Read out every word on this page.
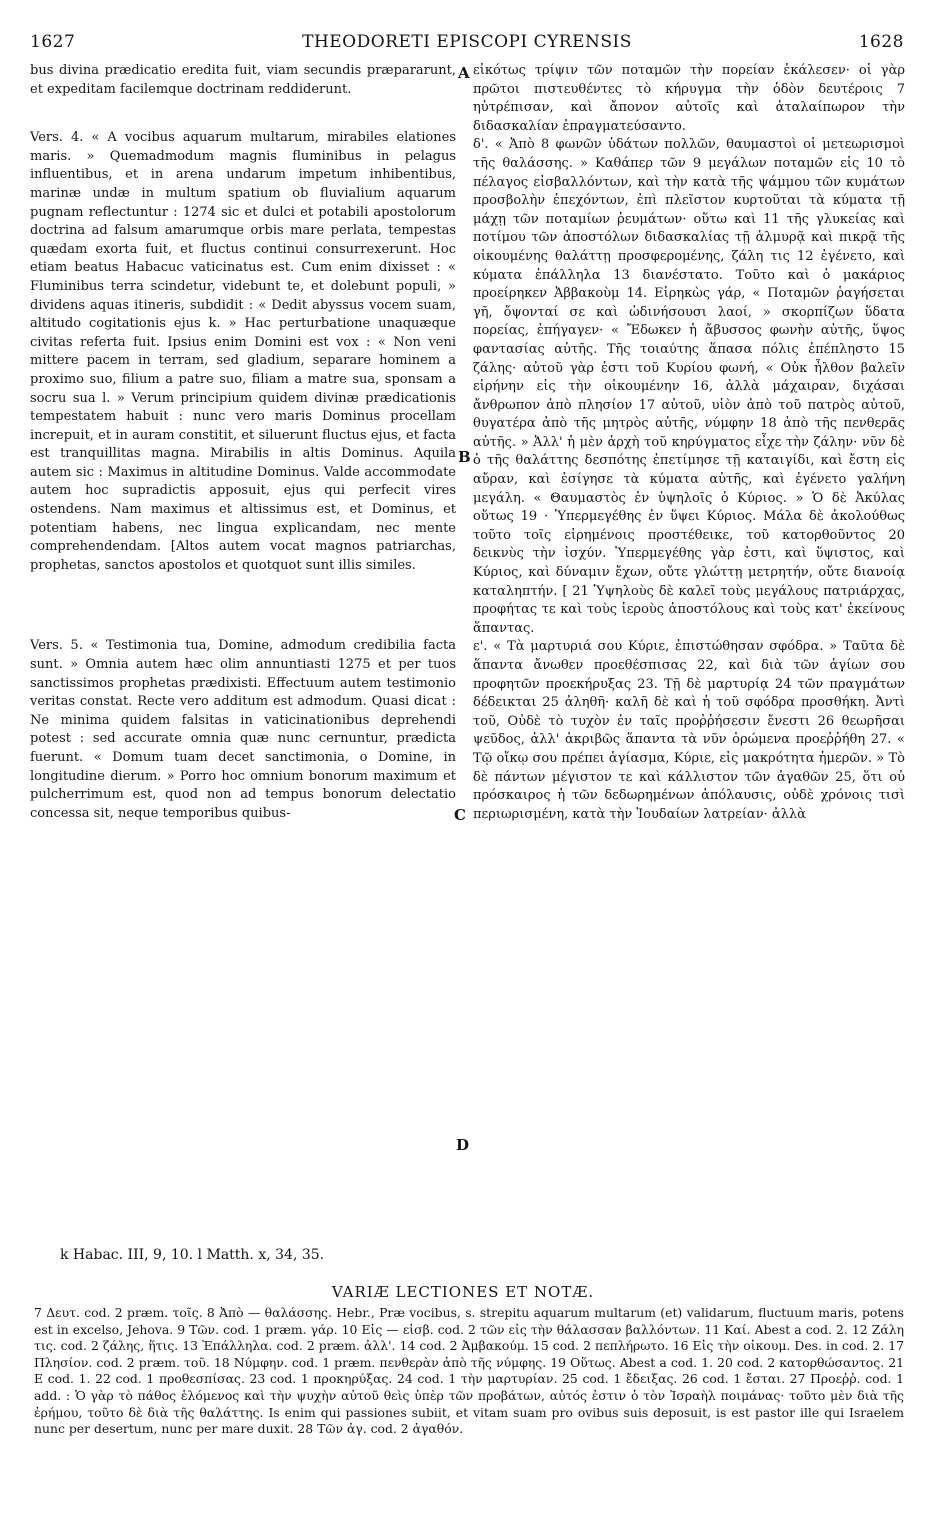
1627	THEODORETI EPISCOPI CYRENSIS	1628

bus divina prædicatio eredita fuit, viam secundis præpararunt, et expeditam facilemque doctrinam reddiderunt.

Vers. 4. « A vocibus aquarum multarum, mirabiles elationes maris. » Quemadmodum magnis fluminibus in pelagus influentibus, et in arena undarum impetum inhibentibus, marinæ undæ in multum spatium ob fluvialium aquarum pugnam reflectuntur : 1274 sic et dulci et potabili apostolorum doctrina ad falsum amarumque orbis mare perlata, tempestas quædam exorta fuit, et fluctus continui consurrexerunt. Hoc etiam beatus Habacuc vaticinatus est. Cum enim dixisset : « Fluminibus terra scindetur, videbunt te, et dolebunt populi, » dividens aquas itineris, subdidit : « Dedit abyssus vocem suam, altitudo cogitationis ejus k. » Hac perturbatione unaquæque civitas referta fuit. Ipsius enim Domini est vox : « Non veni mittere pacem in terram, sed gladium, separare hominem a proximo suo, filium a patre suo, filiam a matre sua, sponsam a socru sua l. » Verum principium quidem divinæ prædicationis tempestatem habuit : nunc vero maris Dominus procellam increpuit, et in auram constitit, et siluerunt fluctus ejus, et facta est tranquillitas magna. Mirabilis in altis Dominus. Aquila autem sic : Maximus in altitudine Dominus. Valde accommodate autem hoc supradictis apposuit, ejus qui perfecit vires ostendens. Nam maximus et altissimus est, et Dominus, et potentiam habens, nec lingua explicandam, nec mente comprehendendam. [Altos autem vocat magnos patriarchas, prophetas, sanctos apostolos et quotquot sunt illis similes.

Vers. 5. « Testimonia tua, Domine, admodum credibilia facta sunt. » Omnia autem hæc olim annuntiasti 1275 et per tuos sanctissimos prophetas prædixisti. Effectuum autem testimonio veritas constat. Recte vero additum est admodum. Quasi dicat : Ne minima quidem falsitas in vaticinationibus deprehendi potest : sed accurate omnia quæ nunc cernuntur, prædicta fuerunt. « Domum tuam decet sanctimonia, o Domine, in longitudine dierum. » Porro hoc omnium bonorum maximum et pulcherrimum est, quod non ad tempus bonorum delectatio concessa sit, neque temporibus quibus-

A
B
C
D

εἰκότως τρίψιν τῶν ποταμῶν τὴν πορείαν ἐκάλεσεν· οἱ γὰρ πρῶτοι πιστευθέντες τὸ κήρυγμα τὴν ὁδὸν δευτέροις 7 ηὐτρέπισαν, καὶ ἄπονον αὐτοῖς καὶ ἀταλαίπωρον τὴν διδασκαλίαν ἐπραγματεύσαντο.

δ'. « Ἀπὸ 8 φωνῶν ὑδάτων πολλῶν, θαυμαστοὶ οἱ μετεωρισμοὶ τῆς θαλάσσης. » Καθάπερ τῶν 9 μεγάλων ποταμῶν εἰς 10 τὸ πέλαγος εἰσβαλλόντων, καὶ τὴν κατὰ τῆς ψάμμου τῶν κυμάτων προσβολὴν ἐπεχόντων, ἐπὶ πλεῖστον κυρτοῦται τὰ κύματα τῇ μάχῃ τῶν ποταμίων ῥευμάτων· οὕτω καὶ 11 τῆς γλυκείας καὶ ποτίμου τῶν ἀποστόλων διδασκαλίας τῇ ἁλμυρᾷ καὶ πικρᾷ τῆς οἰκουμένης θαλάττῃ προσφερομένης, ζάλη τις 12 ἐγένετο, καὶ κύματα ἐπάλληλα 13 διανέστατο. Τοῦτο καὶ ὁ μακάριος προείρηκεν Ἀββακοὺμ 14. Εἰρηκὼς γάρ, « Ποταμῶν ῥαγήσεται γῆ, ὄψονταί σε καὶ ὠδινήσουσι λαοί, » σκορπίζων ὕδατα πορείας, ἐπήγαγεν· « Ἔδωκεν ἡ ἄβυσσος φωνὴν αὐτῆς, ὕψος φαντασίας αὐτῆς. Τῆς τοιαύτης ἅπασα πόλις ἐπέπληστο 15 ζάλης· αὐτοῦ γὰρ ἐστι τοῦ Κυρίου φωνή, « Οὐκ ἦλθον βαλεῖν εἰρήνην εἰς τὴν οἰκουμένην 16, ἀλλὰ μάχαιραν, διχάσαι ἄνθρωπον ἀπὸ πλησίον 17 αὐτοῦ, υἱὸν ἀπὸ τοῦ πατρὸς αὐτοῦ, θυγατέρα ἀπὸ τῆς μητρὸς αὐτῆς, νύμφην 18 ἀπὸ τῆς πενθερᾶς αὐτῆς. » Ἀλλ' ἡ μὲν ἀρχὴ τοῦ κηρύγματος εἶχε τὴν ζάλην· νῦν δὲ ὁ τῆς θαλάττης δεσπότης ἐπετίμησε τῇ καταιγίδι, καὶ ἔστη εἰς αὔραν, καὶ ἐσίγησε τὰ κύματα αὐτῆς, καὶ ἐγένετο γαλήνη μεγάλη. « Θαυμαστὸς ἐν ὑψηλοῖς ὁ Κύριος. » Ὁ δὲ Ἀκύλας οὕτως 19 · Ὑπερμεγέθης ἐν ὕψει Κύριος. Μάλα δὲ ἀκολούθως τοῦτο τοῖς εἰρημένοις προστέθεικε, τοῦ κατορθοῦντος 20 δεικνὺς τὴν ἰσχύν. Ὑπερμεγέθης γὰρ ἐστι, καὶ ὕψιστος, καὶ Κύριος, καὶ δύναμιν ἔχων, οὔτε γλώττῃ μετρητήν, οὔτε διανοίᾳ καταληπτήν. [ 21 Ὑψηλοὺς δὲ καλεῖ τοὺς μεγάλους πατριάρχας, προφήτας τε καὶ τοὺς ἱεροὺς ἀποστόλους καὶ τοὺς κατ' ἐκείνους ἅπαντας.

ε'. « Τὰ μαρτυριά σου Κύριε, ἐπιστώθησαν σφόδρα. » Ταῦτα δὲ ἅπαντα ἄνωθεν προεθέσπισας 22, καὶ διὰ τῶν ἁγίων σου προφητῶν προεκήρυξας 23. Τῇ δὲ μαρτυρίᾳ 24 τῶν πραγμάτων δέδεικται 25 ἀληθῆ· καλῆ δὲ καὶ ἡ τοῦ σφόδρα προσθήκη. Ἀντὶ τοῦ, Οὐδὲ τὸ τυχὸν ἐν ταῖς προῤῥήσεσιν ἔνεστι 26 θεωρῆσαι ψεῦδος, ἀλλ' ἀκριβῶς ἅπαντα τὰ νῦν ὁρώμενα προεῤῥήθη 27. « Τῷ οἴκῳ σου πρέπει ἁγίασμα, Κύριε, εἰς μακρότητα ἡμερῶν. » Τὸ δὲ πάντων μέγιστον τε καὶ κάλλιστον τῶν ἀγαθῶν 25, ὅτι οὐ πρόσκαιρος ἡ τῶν δεδωρημένων ἀπόλαυσις, οὐδὲ χρόνοις τισὶ περιωρισμένη, κατὰ τὴν Ἰουδαίων λατρείαν· ἀλλὰ

k Habac. III, 9, 10. l Matth. x, 34, 35.
VARIÆ LECTIONES ET NOTÆ.

7 Δευτ. cod. 2 præm. τοῖς. 8 Ἀπὸ — θαλάσσης. Hebr., Præ vocibus, s. strepitu aquarum multarum (et) validarum, fluctuum maris, potens est in excelso, Jehova. 9 Τῶν. cod. 1 præm. γάρ. 10 Εἰς — εἰσβ. cod. 2 τῶν εἰς τὴν θάλασσαν βαλλόντων. 11 Καί. Abest a cod. 2. 12 Ζάλη τις. cod. 2 ζάλης, ἥτις. 13 Ἐπάλληλα. cod. 2 præm. ἀλλ'. 14 cod. 2 Ἀμβακούμ. 15 cod. 2 πεπλήρωτο. 16 Εἰς τὴν οἰκουμ. Des. in cod. 2. 17 Πλησίον. cod. 2 præm. τοῦ. 18 Νύμφην. cod. 1 præm. πενθερὰν ἀπὸ τῆς νύμφης. 19 Οὕτως. Abest a cod. 1. 20 cod. 2 κατορθώσαντος. 21 E cod. 1. 22 cod. 1 προθεσπίσας. 23 cod. 1 προκηρύξας. 24 cod. 1 τὴν μαρτυρίαν. 25 cod. 1 ἔδειξας. 26 cod. 1 ἔσται. 27 Προεῤῥ. cod. 1 add. : Ὁ γὰρ τὸ πάθος ἑλόμενος καὶ τὴν ψυχὴν αὐτοῦ θεὶς ὑπὲρ τῶν προβάτων, αὐτός ἐστιν ὁ τὸν Ἰσραὴλ ποιμάνας· τοῦτο μὲν διὰ τῆς ἐρήμου, τοῦτο δὲ διὰ τῆς θαλάττης. Is enim qui passiones subiit, et vitam suam pro ovibus suis deposuit, is est pastor ille qui Israelem nunc per desertum, nunc per mare duxit. 28 Τῶν ἀγ. cod. 2 ἀγαθόν.
